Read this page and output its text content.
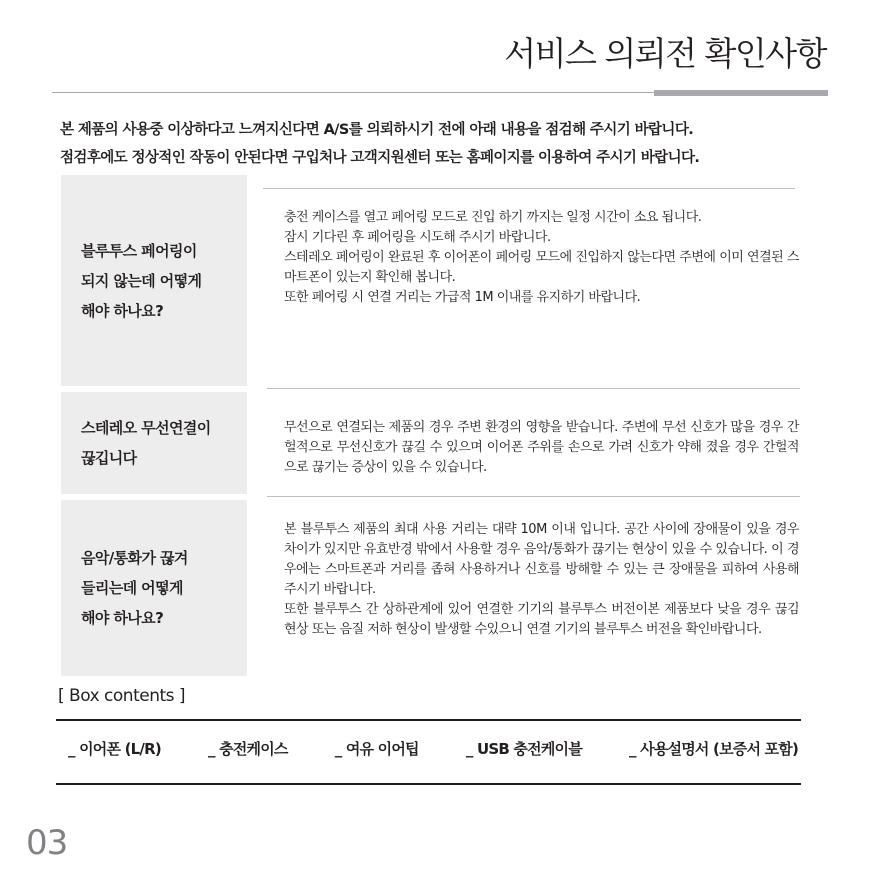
서비스 의뢰전 확인사항

본 제품의 사용중 이상하다고 느껴지신다면 A/S를 의뢰하시기 전에 아래 내용을 점검해 주시기 바랍니다.

점검후에도 정상적인 작동이 안된다면 구입처나 고객지원센터 또는 홈페이지를 이용하여 주시기 바랍니다.

블루투스 페어링이
되지 않는데 어떻게
해야 하나요?

충전 케이스를 열고 페어링 모드로 진입 하기 까지는 일정 시간이 소요 됩니다.

잠시 기다린 후 페어링을 시도해 주시기 바랍니다.

스테레오 페어링이 완료된 후 이어폰이 페어링 모드에 진입하지 않는다면 주변에 이미 연결된 스마트폰이 있는지 확인해 봅니다.

또한 페어링 시 연결 거리는 가급적 1M 이내를 유지하기 바랍니다.

스테레오 무선연결이
끊깁니다

무선으로 연결되는 제품의 경우 주변 환경의 영향을 받습니다. 주변에 무선 신호가 많을 경우 간헐적으로 무선신호가 끊길 수 있으며 이어폰 주위를 손으로 가려 신호가 약해 졌을 경우 간헐적으로 끊기는 증상이 있을 수 있습니다.

음악/통화가 끊겨
들리는데 어떻게
해야 하나요?

본 블루투스 제품의 최대 사용 거리는 대략 10M 이내 입니다. 공간 사이에 장애물이 있을 경우 차이가 있지만 유효반경 밖에서 사용할 경우 음악/통화가 끊기는 현상이 있을 수 있습니다. 이 경우에는 스마트폰과 거리를 좁혀 사용하거나 신호를 방해할 수 있는 큰 장애물을 피하여 사용해 주시기 바랍니다.

또한 블루투스 간 상하관계에 있어 연결한 기기의 블루투스 버전이본 제품보다 낮을 경우 끊김 현상 또는 음질 저하 현상이 발생할 수있으니 연결 기기의 블루투스 버전을 확인바랍니다.

[ Box contents ]
_ 이어폰 (L/R)	_ 충전케이스	_ 여유 이어팁	_ USB 충전케이블	_ 사용설명서 (보증서 포함)
03
